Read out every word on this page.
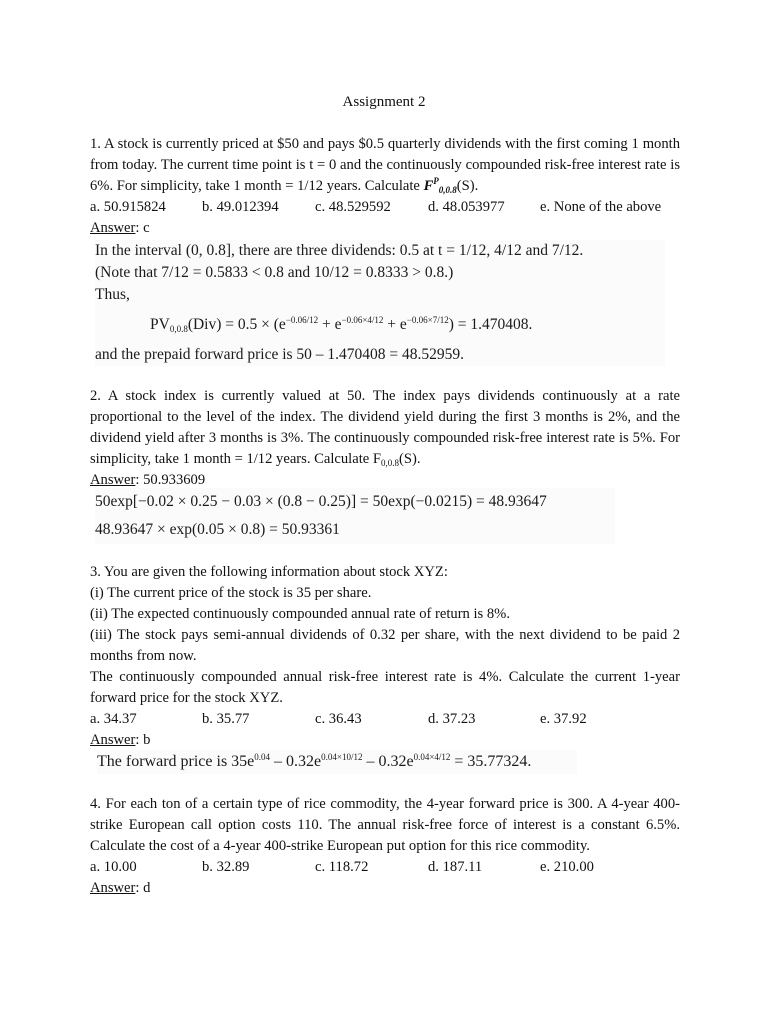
Assignment 2

1. A stock is currently priced at $50 and pays $0.5 quarterly dividends with the first coming 1 month from today. The current time point is t = 0 and the continuously compounded risk-free interest rate is 6%. For simplicity, take 1 month = 1/12 years. Calculate $F^P_{0,0.8}(S)$.

a. 50.915824	b. 49.012394	c. 48.529592	d. 48.053977	e. None of the above

Answer: c

In the interval (0, 0.8], there are three dividends: 0.5 at t = 1/12, 4/12 and 7/12.

(Note that 7/12 = 0.5833 < 0.8 and 10/12 = 0.8333 > 0.8.)

Thus,

$PV_{0,0.8}(Div) = 0.5 \times (e^{-0.06/12} + e^{-0.06\times 4/12} + e^{-0.06\times 7/12}) = 1.470408$.

and the prepaid forward price is 50 – 1.470408 = 48.52959.

2. A stock index is currently valued at 50. The index pays dividends continuously at a rate proportional to the level of the index. The dividend yield during the first 3 months is 2%, and the dividend yield after 3 months is 3%. The continuously compounded risk-free interest rate is 5%. For simplicity, take 1 month = 1/12 years. Calculate $F_{0,0.8}(S)$.

Answer: 50.933609

50exp[−0.02 × 0.25 − 0.03 × (0.8 − 0.25)] = 50exp(−0.0215) = 48.93647

48.93647 × exp(0.05 × 0.8) = 50.93361

3. You are given the following information about stock XYZ:

(i) The current price of the stock is 35 per share.

(ii) The expected continuously compounded annual rate of return is 8%.

(iii) The stock pays semi-annual dividends of 0.32 per share, with the next dividend to be paid 2 months from now.

The continuously compounded annual risk-free interest rate is 4%. Calculate the current 1-year forward price for the stock XYZ.

a. 34.37	b. 35.77	c. 36.43	d. 37.23	e. 37.92

Answer: b

The forward price is $35e^{0.04} - 0.32e^{0.04\times 10/12} - 0.32e^{0.04\times 4/12} = 35.77324$.

4. For each ton of a certain type of rice commodity, the 4-year forward price is 300. A 4-year 400-strike European call option costs 110. The annual risk-free force of interest is a constant 6.5%. Calculate the cost of a 4-year 400-strike European put option for this rice commodity.

a. 10.00	b. 32.89	c. 118.72	d. 187.11	e. 210.00

Answer: d
